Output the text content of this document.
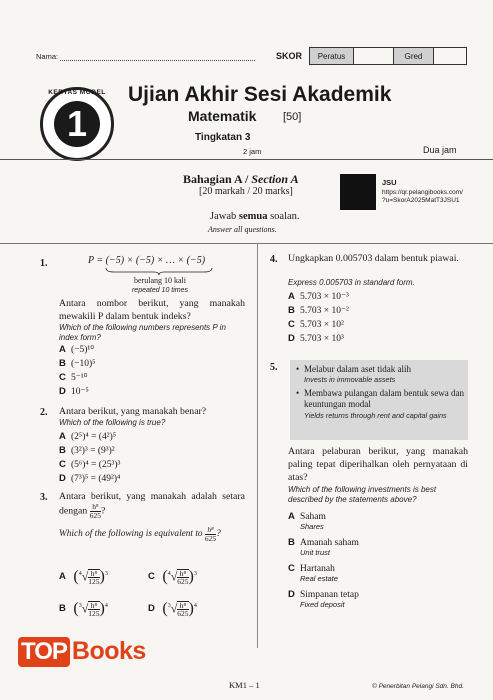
Nama:	SKOR	Peratus	Gred
KERTAS MODEL
1
Ujian Akhir Sesi Akademik
Matematik [50]
Tingkatan 3
2 jam	Dua jam
Bahagian A / Section A
[20 markah / 20 marks]
JSU
https://qr.pelangibooks.com/
?u=SkorA2025MatT3JSU1
Jawab semua soalan.
Answer all questions.
1.	P = (−5) × (−5) × … × (−5)
berulang 10 kali
repeated 10 times
Antara nombor berikut, yang manakah mewakili P dalam bentuk indeks?
Which of the following numbers represents P in index form?
A (−5)¹⁰
B (−10)⁵
C 5⁻¹⁰
D 10⁻⁵
2. Antara berikut, yang manakah benar?
Which of the following is true?
A (2⁵)⁴ = (4²)⁵
B (3²)³ = (9³)²
C (5⁶)⁴ = (25³)³
D (7³)⁵ = (49²)⁴
3. Antara berikut, yang manakah adalah setara dengan $\frac{\text{h⁸}}{625}$ ?
Which of the following is equivalent to $\frac{\text{h⁸}}{625}$ ?
A $(^4√ \frac{\text{h⁸}}{125} )^3$	C $(^4√ \frac{\text{h⁸}}{625} )^3$
B $(^3√ \frac{\text{h⁸}}{125} )^4$	D $(^3√ \frac{\text{h⁸}}{625} )^4$
4. Ungkapkan 0.005703 dalam bentuk piawai.
Express 0.005703 in standard form.
A 5.703 × 10⁻³
B 5.703 × 10⁻²
C 5.703 × 10²
D 5.703 × 10³
5. • Melabur dalam aset tidak alih
Invests in immovable assets
• Membawa pulangan dalam bentuk sewa dan keuntungan modal
Yields returns through rent and capital gains
Antara pelaburan berikut, yang manakah paling tepat diperihalkan oleh pernyataan di atas?
Which of the following investments is best described by the statements above?
A Saham
Shares
B Amanah saham
Unit trust
C Hartanah
Real estate
D Simpanan tetap
Fixed deposit
TOP Books
KM1 – 1	© Penerbitan Pelangi Sdn. Bhd.
